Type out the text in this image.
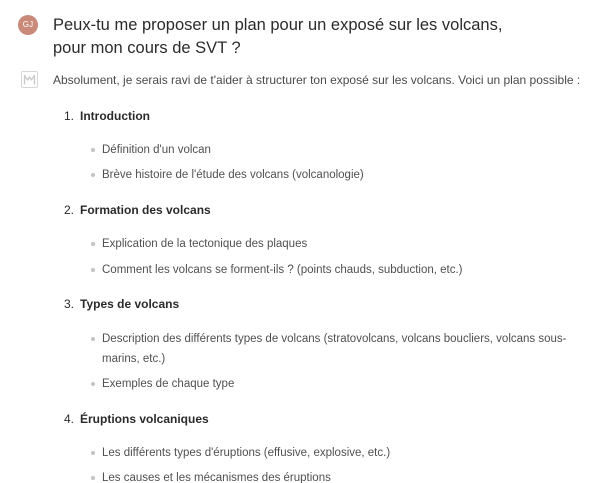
GJ Peux-tu me proposer un plan pour un exposé sur les volcans, pour mon cours de SVT ?
Absolument, je serais ravi de t'aider à structurer ton exposé sur les volcans. Voici un plan possible :
1. Introduction
Définition d'un volcan
Brève histoire de l'étude des volcans (volcanologie)
2. Formation des volcans
Explication de la tectonique des plaques
Comment les volcans se forment-ils ? (points chauds, subduction, etc.)
3. Types de volcans
Description des différents types de volcans (stratovolcans, volcans boucliers, volcans sous-marins, etc.)
Exemples de chaque type
4. Éruptions volcaniques
Les différents types d'éruptions (effusive, explosive, etc.)
Les causes et les mécanismes des éruptions
